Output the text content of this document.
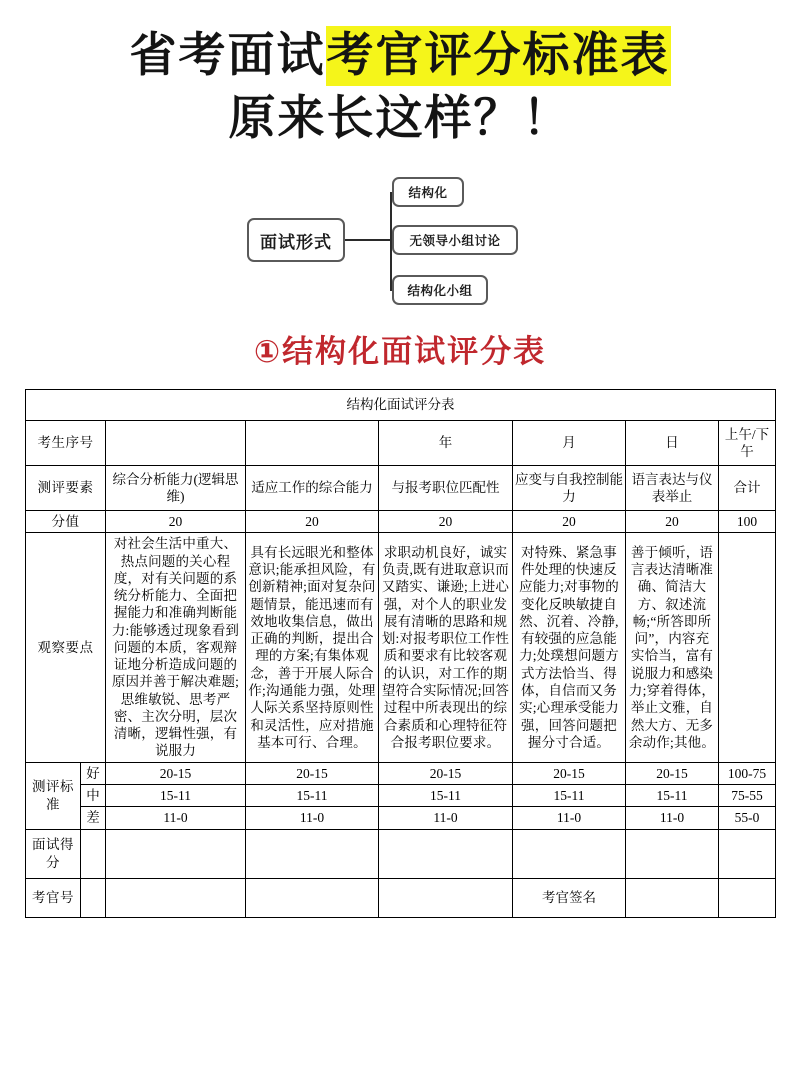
省考面试考官评分标准表
原来长这样？！
面试形式
结构化
无领导小组讨论
结构化小组
①结构化面试评分表
结构化面试评分表							
考生序号				年	月	日	上午/下午
测评要素		综合分析能力(逻辑思维)	适应工作的综合能力	与报考职位匹配性	应变与自我控制能力	语言表达与仪表举止	合计
分值		20	20	20	20	20	100
观察要点		对社会生活中重大、热点问题的关心程度，对有关问题的系统分析能力、全面把握能力和准确判断能力:能够透过现象看到问题的本质，客观辩证地分析造成问题的原因并善于解决难题;思维敏锐、思考严密、主次分明，层次清晰，逻辑性强，有说服力	具有长远眼光和整体意识;能承担风险，有创新精神;面对复杂问题情景，能迅速而有效地收集信息，做出正确的判断，提出合理的方案;有集体观念，善于开展人际合作;沟通能力强，处理人际关系坚持原则性和灵活性，应对措施基本可行、合理。	求职动机良好，诚实负责,既有进取意识而又踏实、谦逊;上进心强，对个人的职业发展有清晰的思路和规划:对报考职位工作性质和要求有比较客观的认识，对工作的期望符合实际情况;回答过程中所表现出的综合素质和心理特征符合报考职位要求。	对特殊、紧急事件处理的快速反应能力;对事物的变化反映敏捷自然、沉着、冷静,有较强的应急能力;处璞想问题方式方法恰当、得体，自信而又务实;心理承受能力强，回答问题把握分寸合适。	善于倾听，语言表达清晰准确、简洁大方、叙述流畅;“所答即所问”，内容充实恰当，富有说服力和感染力;穿着得体，举止文雅，自然大方、无多余动作;其他。	
测评标准	好	20-15	20-15	20-15	20-15	20-15	100-75
	中	15-11	15-11	15-11	15-11	15-11	75-55
	差	11-0	11-0	11-0	11-0	11-0	55-0
面试得分							
考官号					考官签名		
